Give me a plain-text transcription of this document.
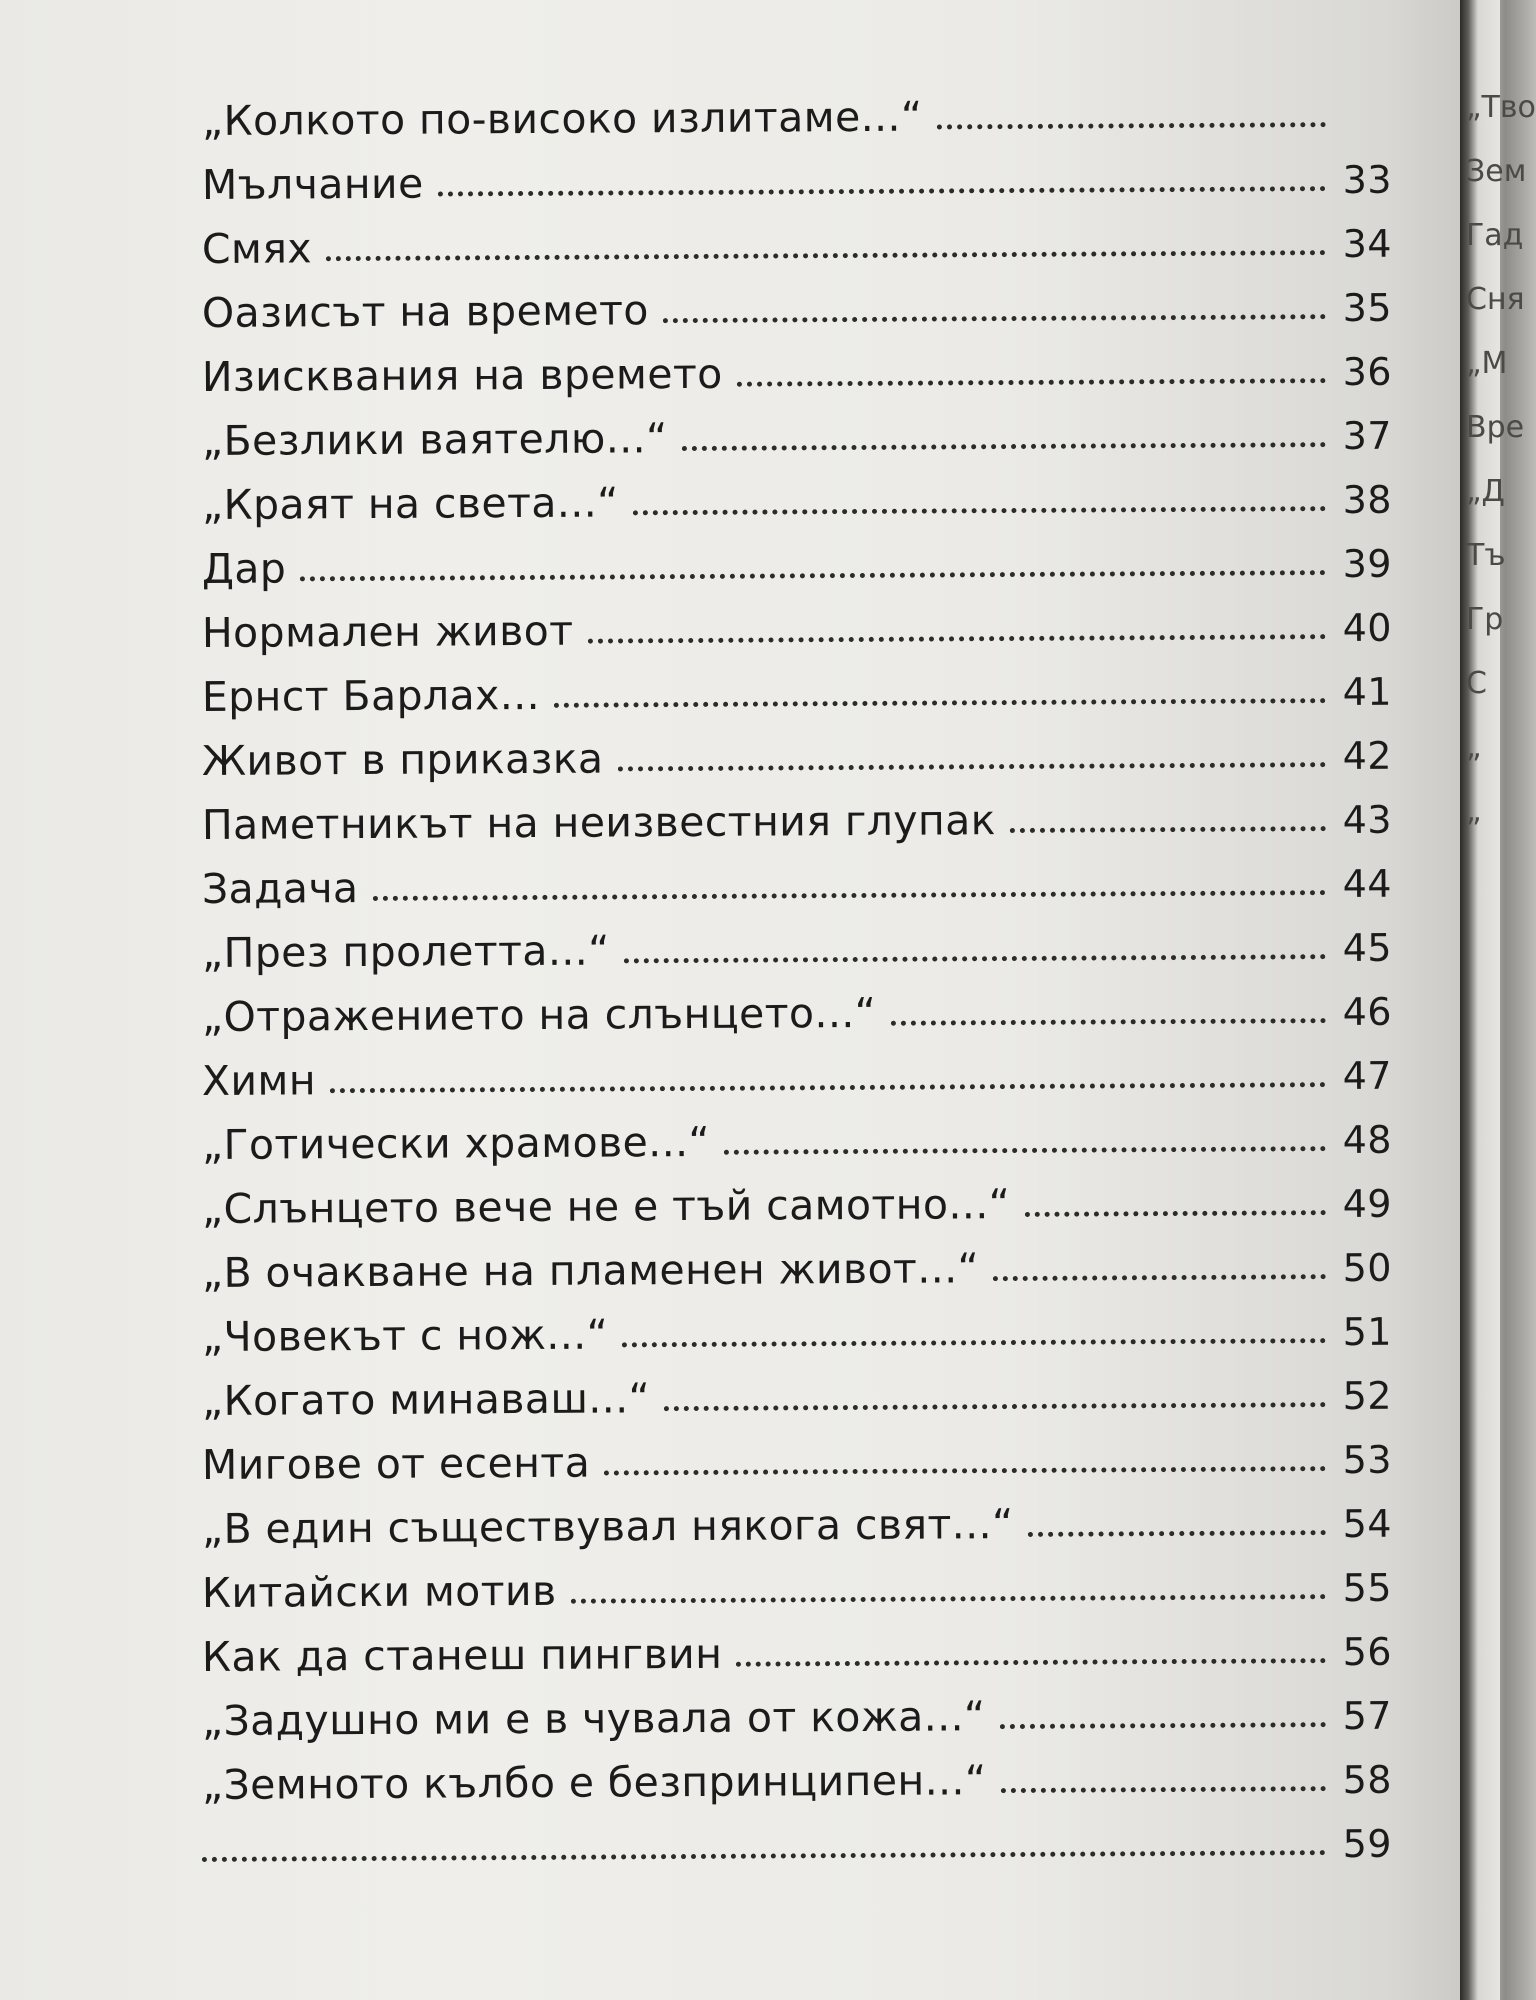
„Колкото по-високо излитаме...“
Мълчание	33
Смях	34
Оазисът на времето	35
Изисквания на времето	36
„Безлики ваятелю...“	37
„Краят на света...“	38
Дар	39
Нормален живот	40
Ернст Барлах...	41
Живот в приказка	42
Паметникът на неизвестния глупак	43
Задача	44
„През пролетта...“	45
„Отражението на слънцето...“	46
Химн	47
„Готически храмове...“	48
„Слънцето вече не е тъй самотно...“	49
„В очакване на пламенен живот...“	50
„Човекът с нож...“	51
„Когато минаваш...“	52
Мигове от есента	53
„В един съществувал някога свят...“	54
Китайски мотив	55
Как да станеш пингвин	56
„Задушно ми е в чувала от кожа...“	57
„Земното кълбо е безпринципен...“	58
59
„Тво
Зем
Гад
Сня
„М
Вре
„Д
Тъ
Гр
С
„
„
